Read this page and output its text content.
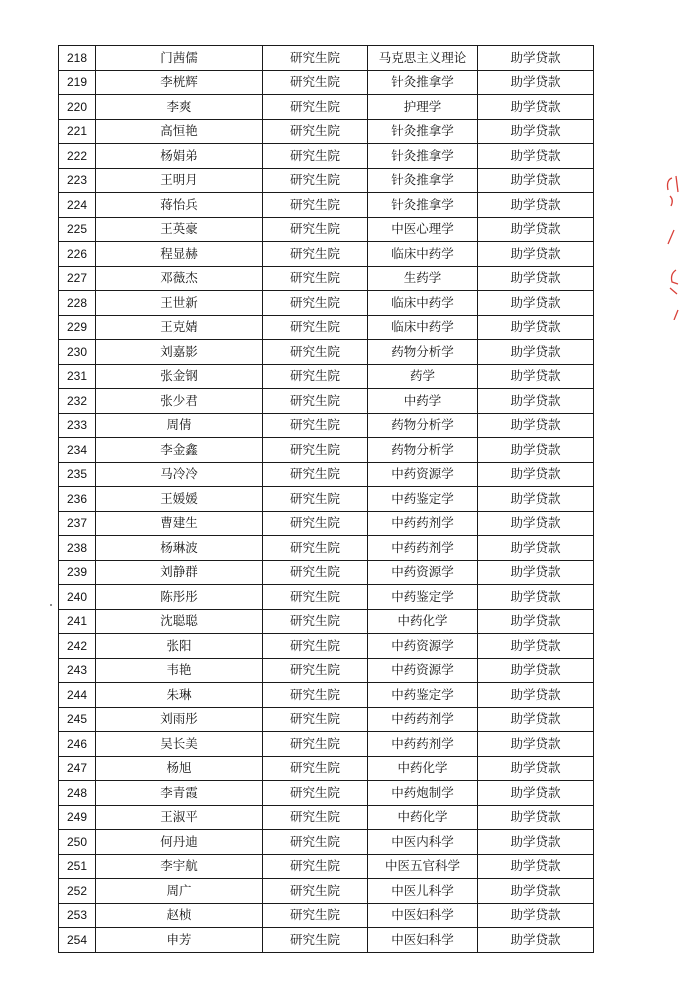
218	门茜儒	研究生院	马克思主义理论	助学贷款
219	李桄辉	研究生院	针灸推拿学	助学贷款
220	李爽	研究生院	护理学	助学贷款
221	高恒艳	研究生院	针灸推拿学	助学贷款
222	杨娟弟	研究生院	针灸推拿学	助学贷款
223	王明月	研究生院	针灸推拿学	助学贷款
224	蒋怡兵	研究生院	针灸推拿学	助学贷款
225	王英豪	研究生院	中医心理学	助学贷款
226	程显赫	研究生院	临床中药学	助学贷款
227	邓薇杰	研究生院	生药学	助学贷款
228	王世新	研究生院	临床中药学	助学贷款
229	王克婧	研究生院	临床中药学	助学贷款
230	刘嘉影	研究生院	药物分析学	助学贷款
231	张金钢	研究生院	药学	助学贷款
232	张少君	研究生院	中药学	助学贷款
233	周倩	研究生院	药物分析学	助学贷款
234	李金鑫	研究生院	药物分析学	助学贷款
235	马冷冷	研究生院	中药资源学	助学贷款
236	王媛媛	研究生院	中药鉴定学	助学贷款
237	曹建生	研究生院	中药药剂学	助学贷款
238	杨琳波	研究生院	中药药剂学	助学贷款
239	刘静群	研究生院	中药资源学	助学贷款
240	陈彤彤	研究生院	中药鉴定学	助学贷款
241	沈聪聪	研究生院	中药化学	助学贷款
242	张阳	研究生院	中药资源学	助学贷款
243	韦艳	研究生院	中药资源学	助学贷款
244	朱琳	研究生院	中药鉴定学	助学贷款
245	刘雨彤	研究生院	中药药剂学	助学贷款
246	吴长美	研究生院	中药药剂学	助学贷款
247	杨旭	研究生院	中药化学	助学贷款
248	李青霞	研究生院	中药炮制学	助学贷款
249	王淑平	研究生院	中药化学	助学贷款
250	何丹迪	研究生院	中医内科学	助学贷款
251	李宇航	研究生院	中医五官科学	助学贷款
252	周广	研究生院	中医儿科学	助学贷款
253	赵桢	研究生院	中医妇科学	助学贷款
254	申芳	研究生院	中医妇科学	助学贷款
